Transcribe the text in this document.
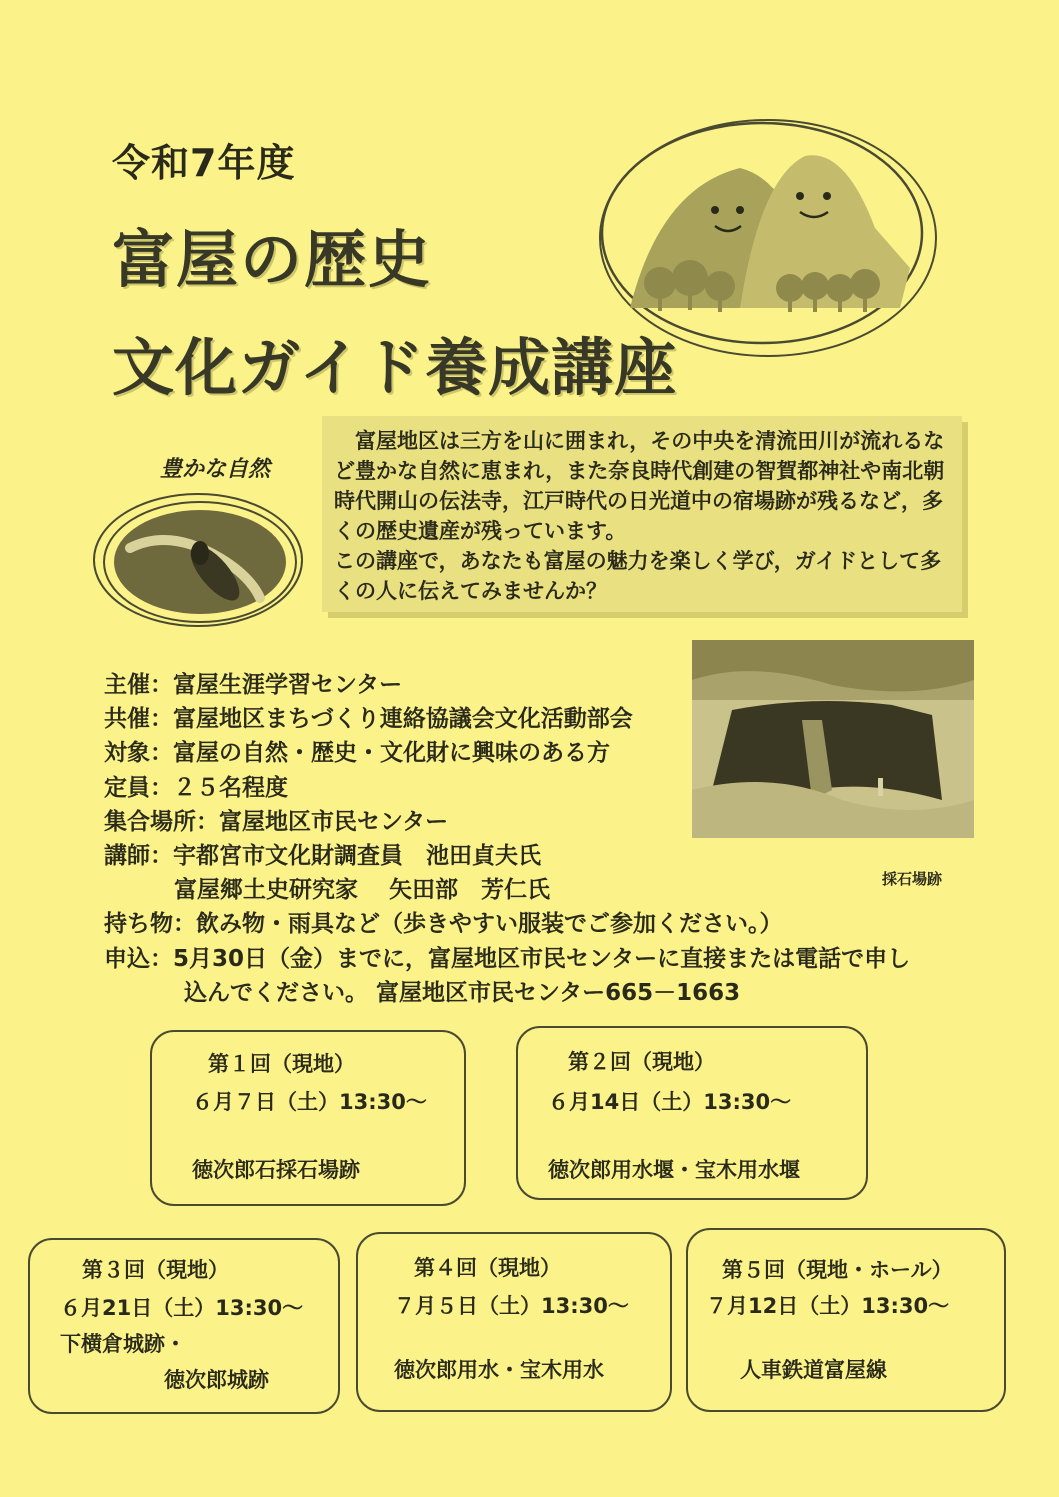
令和7年度
富屋の歴史
文化ガイド養成講座
豊かな自然

富屋地区は三方を山に囲まれ，その中央を清流田川が流れるなど豊かな自然に恵まれ，また奈良時代創建の智賀都神社や南北朝時代開山の伝法寺，江戸時代の日光道中の宿場跡が残るなど，多くの歴史遺産が残っています。

この講座で，あなたも富屋の魅力を楽しく学び，ガイドとして多くの人に伝えてみませんか？

主催：富屋生涯学習センター
共催：富屋地区まちづくり連絡協議会文化活動部会
対象：富屋の自然・歴史・文化財に興味のある方
定員：２５名程度
集合場所：富屋地区市民センター
講師：宇都宮市文化財調査員　池田貞夫氏
富屋郷土史研究家　 矢田部　芳仁氏
持ち物：飲み物・雨具など（歩きやすい服装でご参加ください。）
申込：5月30日（金）までに，富屋地区市民センターに直接または電話で申し
込んでください。 富屋地区市民センター665－1663
採石場跡
第１回（現地）
６月７日（土）13:30～
徳次郎石採石場跡
第２回（現地）
６月14日（土）13:30～
徳次郎用水堰・宝木用水堰
第３回（現地）
６月21日（土）13:30～
下横倉城跡・
徳次郎城跡
第４回（現地）
７月５日（土）13:30～
徳次郎用水・宝木用水
第５回（現地・ホール）
７月12日（土）13:30～
人車鉄道富屋線
